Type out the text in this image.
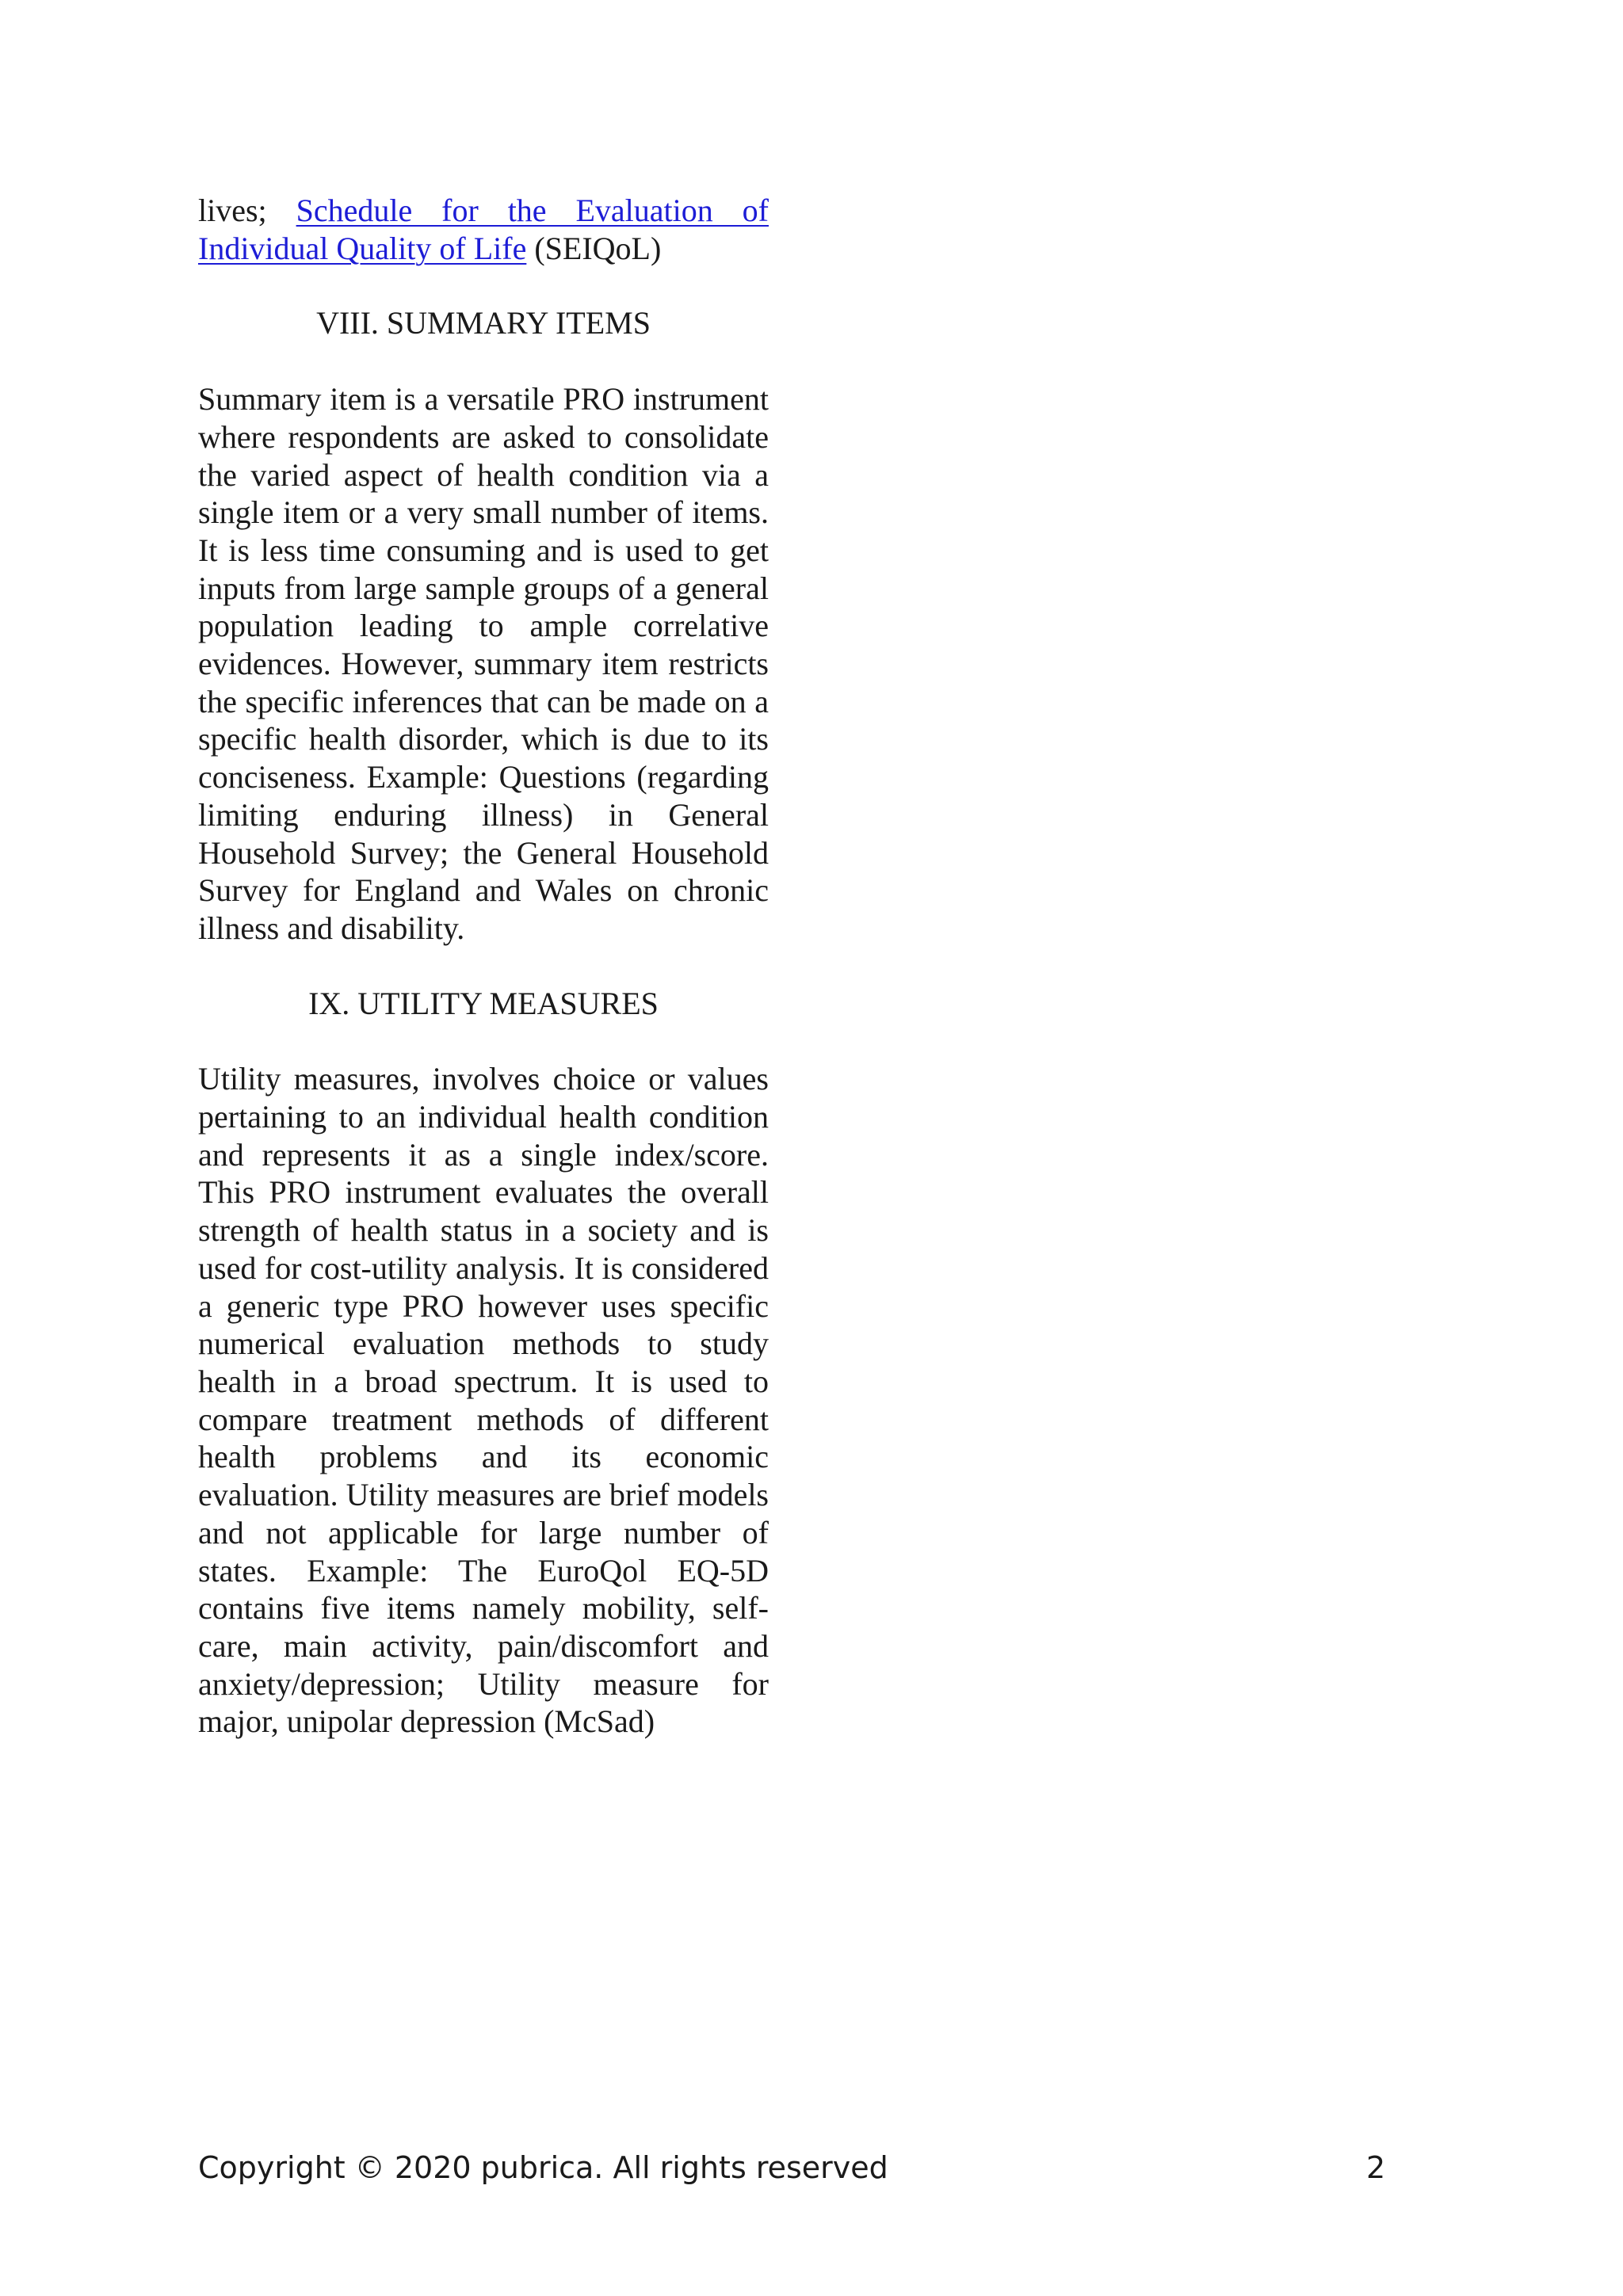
lives; Schedule for the Evaluation of Individual Quality of Life (SEIQoL)

VIII. SUMMARY ITEMS

Summary item is a versatile PRO instrument where respondents are asked to consolidate the varied aspect of health condition via a single item or a very small number of items. It is less time consuming and is used to get inputs from large sample groups of a general population leading to ample correlative evidences. However, summary item restricts the specific inferences that can be made on a specific health disorder, which is due to its conciseness. Example: Questions (regarding limiting enduring illness) in General Household Survey; the General Household Survey for England and Wales on chronic illness and disability.

IX. UTILITY MEASURES

Utility measures, involves choice or values pertaining to an individual health condition and represents it as a single index/score. This PRO instrument evaluates the overall strength of health status in a society and is used for cost-utility analysis. It is considered a generic type PRO however uses specific numerical evaluation methods to study health in a broad spectrum. It is used to compare treatment methods of different health problems and its economic evaluation. Utility measures are brief models and not applicable for large number of states. Example: The EuroQol EQ-5D contains five items namely mobility, self-care, main activity, pain/discomfort and anxiety/depression; Utility measure for major, unipolar depression (McSad)

Copyright © 2020 pubrica. All rights reserved	2
